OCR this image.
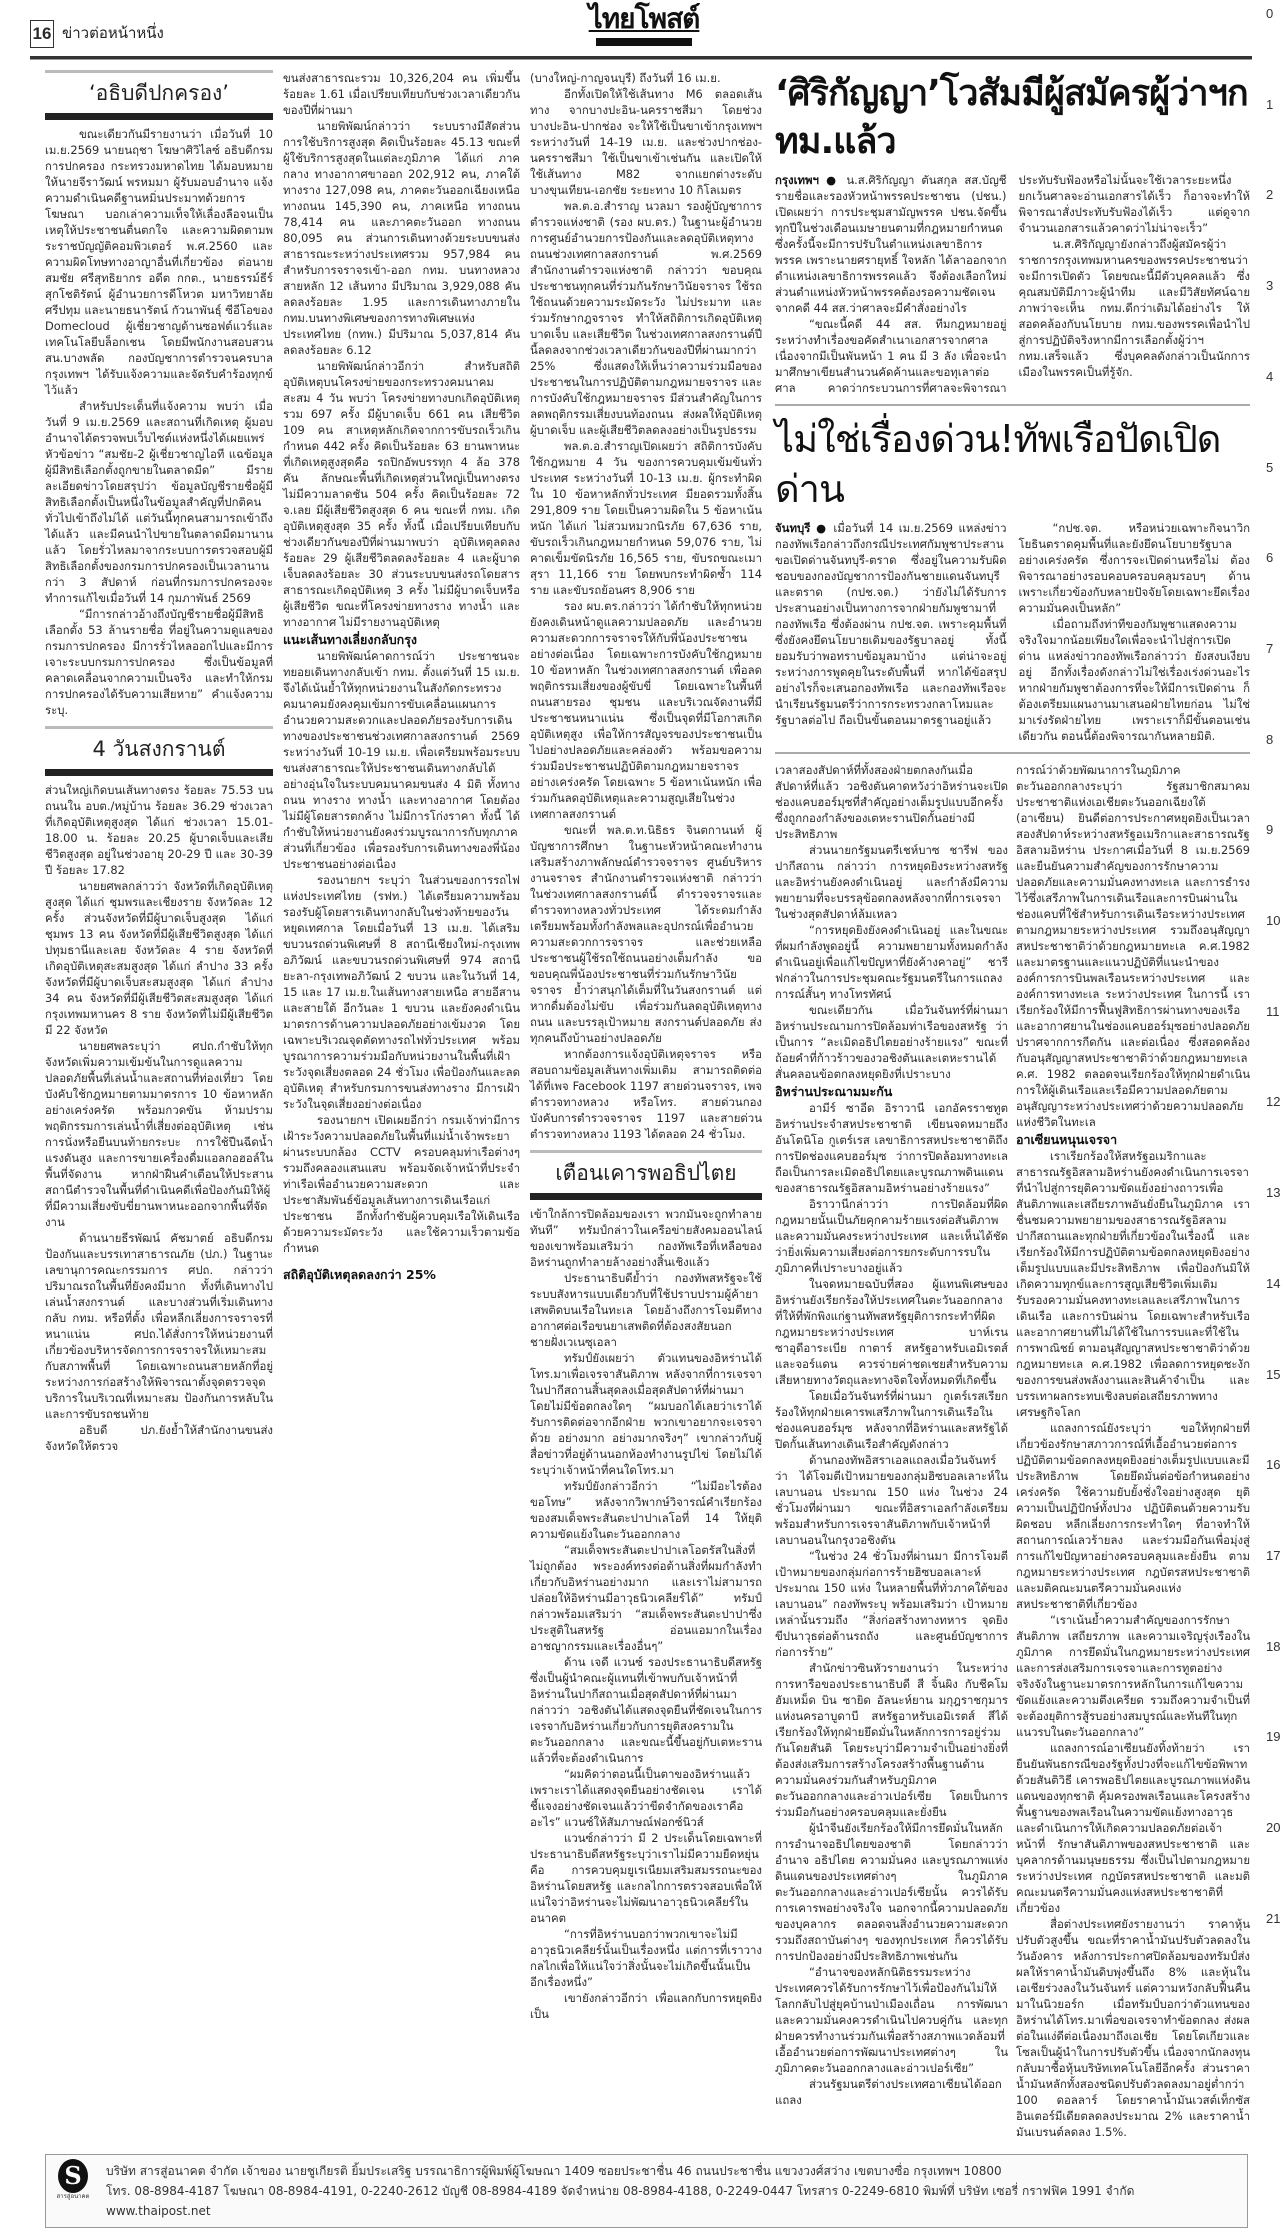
16 ข่าวต่อหน้าหนึ่ง	ไทยโพสต์
‘อธิบดีปกครอง’

ขณะเดียวกันมีรายงานว่า เมื่อวันที่ 10 เม.ย.2569 นายนฤชา โฆษาศิวิไลซ์ อธิบดีกรมการปกครอง กระทรวงมหาดไทย ได้มอบหมายให้นายจีราวัฒน์ พรหมมา ผู้รับมอบอำนาจ แจ้งความดำเนินคดีฐานหมิ่นประมาทด้วยการโฆษณา บอกเล่าความเท็จให้เลื่องลือจนเป็นเหตุให้ประชาชนตื่นตกใจ และความผิดตามพระราชบัญญัติคอมพิวเตอร์ พ.ศ.2560 และความผิดโทษทางอาญาอื่นที่เกี่ยวข้อง ต่อนายสมชัย ศรีสุทธิยากร อดีต กกต., นายธรรม์ธีร์ สุกโชติรัตน์ ผู้อำนวยการดีโหวต มหาวิทยาลัยศรีปทุม และนายธนารัตน์ กัวนาพันธุ์ ซีอีโอของ Domecloud ผู้เชี่ยวชาญด้านซอฟต์แวร์และเทคโนโลยีบล็อกเชน โดยมีพนักงานสอบสวน สน.บางพลัด กองบัญชาการตำรวจนครบาล กรุงเทพฯ ได้รับแจ้งความและจัดรับคำร้องทุกข์ไว้แล้ว

สำหรับประเด็นที่แจ้งความ พบว่า เมื่อวันที่ 9 เม.ย.2569 และสถานที่เกิดเหตุ ผู้มอบอำนาจได้ตรวจพบเว็บไซต์แห่งหนึ่งได้เผยแพร่หัวข้อข่าว “สมชัย-2 ผู้เชี่ยวชาญไอที แฉข้อมูลผู้มีสิทธิเลือกตั้งถูกขายในตลาดมืด” มีรายละเอียดข่าวโดยสรุปว่า ข้อมูลบัญชีรายชื่อผู้มีสิทธิเลือกตั้งเป็นหนึ่งในข้อมูลสำคัญที่ปกติคนทั่วไปเข้าถึงไม่ได้ แต่วันนี้ทุกคนสามารถเข้าถึงได้แล้ว และมีคนนำไปขายในตลาดมืดมานานแล้ว โดยรั่วไหลมาจากระบบการตรวจสอบผู้มีสิทธิเลือกตั้งของกรมการปกครองเป็นเวลานานกว่า 3 สัปดาห์ ก่อนที่กรมการปกครองจะทำการแก้ไขเมื่อวันที่ 14 กุมภาพันธ์ 2569

“มีการกล่าวอ้างถึงบัญชีรายชื่อผู้มีสิทธิเลือกตั้ง 53 ล้านรายชื่อ ที่อยู่ในความดูแลของกรมการปกครอง มีการรั่วไหลออกไปและมีการเจาะระบบกรมการปกครอง ซึ่งเป็นข้อมูลที่คลาดเคลื่อนจากความเป็นจริง และทำให้กรมการปกครองได้รับความเสียหาย” คำแจ้งความระบุ.

4 วันสงกรานต์

ส่วนใหญ่เกิดบนเส้นทางตรง ร้อยละ 75.53 บนถนนใน อบต./หมู่บ้าน ร้อยละ 36.29 ช่วงเวลาที่เกิดอุบัติเหตุสูงสุด ได้แก่ ช่วงเวลา 15.01-18.00 น. ร้อยละ 20.25 ผู้บาดเจ็บและเสียชีวิตสูงสุด อยู่ในช่วงอายุ 20-29 ปี และ 30-39 ปี ร้อยละ 17.82

นายยศพลกล่าวว่า จังหวัดที่เกิดอุบัติเหตุสูงสุด ได้แก่ ชุมพรและเชียงราย จังหวัดละ 12 ครั้ง ส่วนจังหวัดที่มีผู้บาดเจ็บสูงสุด ได้แก่ ชุมพร 13 คน จังหวัดที่มีผู้เสียชีวิตสูงสุด ได้แก่ ปทุมธานีและเลย จังหวัดละ 4 ราย จังหวัดที่เกิดอุบัติเหตุสะสมสูงสุด ได้แก่ ลำปาง 33 ครั้ง จังหวัดที่มีผู้บาดเจ็บสะสมสูงสุด ได้แก่ ลำปาง 34 คน จังหวัดที่มีผู้เสียชีวิตสะสมสูงสุด ได้แก่ กรุงเทพมหานคร 8 ราย จังหวัดที่ไม่มีผู้เสียชีวิต มี 22 จังหวัด

นายยศพลระบุว่า ศปถ.กำชับให้ทุกจังหวัดเพิ่มความเข้มข้นในการดูแลความปลอดภัยพื้นที่เล่นน้ำและสถานที่ท่องเที่ยว โดยบังคับใช้กฎหมายตามมาตรการ 10 ข้อหาหลักอย่างเคร่งครัด พร้อมกวดขัน ห้ามปรามพฤติกรรมการเล่นน้ำที่เสี่ยงต่ออุบัติเหตุ เช่น การนั่งหรือยืนบนท้ายกระบะ การใช้ปืนฉีดน้ำแรงดันสูง และการขายเครื่องดื่มแอลกอฮอล์ในพื้นที่จัดงาน หากฝ่าฝืนคำเตือนให้ประสานสถานีตำรวจในพื้นที่ดำเนินคดีเพื่อป้องกันมิให้ผู้ที่มีความเสี่ยงขับขี่ยานพาหนะออกจากพื้นที่จัดงาน

ด้านนายธีรพัฒน์ คัชมาตย์ อธิบดีกรมป้องกันและบรรเทาสาธารณภัย (ปภ.) ในฐานะเลขานุการคณะกรรมการ ศปถ. กล่าวว่า ปริมาณรถในพื้นที่ยังคงมีมาก ทั้งที่เดินทางไปเล่นน้ำสงกรานต์ และบางส่วนที่เริ่มเดินทางกลับ กทม. หรือที่ตั้ง เพื่อหลีกเลี่ยงการจราจรที่หนาแน่น ศปถ.ได้สั่งการให้หน่วยงานที่เกี่ยวข้องบริหารจัดการการจราจรให้เหมาะสมกับสภาพพื้นที่ โดยเฉพาะถนนสายหลักที่อยู่ระหว่างการก่อสร้างให้พิจารณาตั้งจุดตรวจจุดบริการในบริเวณที่เหมาะสม ป้องกันการหลับในและการขับรถชนท้าย

อธิบดี ปภ.ยังย้ำให้สำนักงานขนส่งจังหวัดให้ตรวจ

ขนส่งสาธารณะรวม 10,326,204 คน เพิ่มขึ้นร้อยละ 1.61 เมื่อเปรียบเทียบกับช่วงเวลาเดียวกันของปีที่ผ่านมา

นายพิพัฒน์กล่าวว่า ระบบรางมีสัดส่วนการใช้บริการสูงสุด คิดเป็นร้อยละ 45.13 ขณะที่ผู้ใช้บริการสูงสุดในแต่ละภูมิภาค ได้แก่ ภาคกลาง ทางอากาศขาออก 202,912 คน, ภาคใต้ ทางราง 127,098 คน, ภาคตะวันออกเฉียงเหนือ ทางถนน 145,390 คน, ภาคเหนือ ทางถนน 78,414 คน และภาคตะวันออก ทางถนน 80,095 คน ส่วนการเดินทางด้วยระบบขนส่งสาธารณะระหว่างประเทศรวม 957,984 คน สำหรับการจราจรเข้า-ออก กทม. บนทางหลวงสายหลัก 12 เส้นทาง มีปริมาณ 3,929,088 คัน ลดลงร้อยละ 1.95 และการเดินทางภายใน กทม.บนทางพิเศษของการทางพิเศษแห่งประเทศไทย (กทพ.) มีปริมาณ 5,037,814 คัน ลดลงร้อยละ 6.12

นายพิพัฒน์กล่าวอีกว่า สำหรับสถิติอุบัติเหตุบนโครงข่ายของกระทรวงคมนาคมสะสม 4 วัน พบว่า โครงข่ายทางบกเกิดอุบัติเหตุรวม 697 ครั้ง มีผู้บาดเจ็บ 661 คน เสียชีวิต 109 คน สาเหตุหลักเกิดจากการขับรถเร็วเกินกำหนด 442 ครั้ง คิดเป็นร้อยละ 63 ยานพาหนะที่เกิดเหตุสูงสุดคือ รถปิกอัพบรรทุก 4 ล้อ 378 คัน ลักษณะพื้นที่เกิดเหตุส่วนใหญ่เป็นทางตรงไม่มีความลาดชัน 504 ครั้ง คิดเป็นร้อยละ 72 จ.เลย มีผู้เสียชีวิตสูงสุด 6 คน ขณะที่ กทม. เกิดอุบัติเหตุสูงสุด 35 ครั้ง ทั้งนี้ เมื่อเปรียบเทียบกับช่วงเดียวกันของปีที่ผ่านมาพบว่า อุบัติเหตุลดลงร้อยละ 29 ผู้เสียชีวิตลดลงร้อยละ 4 และผู้บาดเจ็บลดลงร้อยละ 30 ส่วนระบบขนส่งรถโดยสารสาธารณะเกิดอุบัติเหตุ 3 ครั้ง ไม่มีผู้บาดเจ็บหรือผู้เสียชีวิต ขณะที่โครงข่ายทางราง ทางน้ำ และทางอากาศ ไม่มีรายงานอุบัติเหตุ

แนะเส้นทางเลี่ยงกลับกรุง

นายพิพัฒน์คาดการณ์ว่า ประชาชนจะทยอยเดินทางกลับเข้า กทม. ตั้งแต่วันที่ 15 เม.ย. จึงได้เน้นย้ำให้ทุกหน่วยงานในสังกัดกระทรวงคมนาคมยังคงคุมเข้มการขับเคลื่อนแผนการอำนวยความสะดวกและปลอดภัยรองรับการเดินทางของประชาชนช่วงเทศกาลสงกรานต์ 2569 ระหว่างวันที่ 10-19 เม.ย. เพื่อเตรียมพร้อมระบบขนส่งสาธารณะให้ประชาชนเดินทางกลับได้อย่างอุ่นใจในระบบคมนาคมขนส่ง 4 มิติ ทั้งทางถนน ทางราง ทางน้ำ และทางอากาศ โดยต้องไม่มีผู้โดยสารตกค้าง ไม่มีการโก่งราคา ทั้งนี้ ได้กำชับให้หน่วยงานยังคงร่วมบูรณาการกับทุกภาคส่วนที่เกี่ยวข้อง เพื่อรองรับการเดินทางของพี่น้องประชาชนอย่างต่อเนื่อง

รองนายกฯ ระบุว่า ในส่วนของการรถไฟแห่งประเทศไทย (รฟท.) ได้เตรียมความพร้อมรองรับผู้โดยสารเดินทางกลับในช่วงท้ายของวันหยุดเทศกาล โดยเมื่อวันที่ 13 เม.ย. ได้เสริมขบวนรถด่วนพิเศษที่ 8 สถานีเชียงใหม่-กรุงเทพอภิวัฒน์ และขบวนรถด่วนพิเศษที่ 974 สถานียะลา-กรุงเทพอภิวัฒน์ 2 ขบวน และในวันที่ 14, 15 และ 17 เม.ย.ในเส้นทางสายเหนือ สายอีสานและสายใต้ อีกวันละ 1 ขบวน และยังคงดำเนินมาตรการด้านความปลอดภัยอย่างเข้มงวด โดยเฉพาะบริเวณจุดตัดทางรถไฟทั่วประเทศ พร้อมบูรณาการความร่วมมือกับหน่วยงานในพื้นที่เฝ้าระวังจุดเสี่ยงตลอด 24 ชั่วโมง เพื่อป้องกันและลดอุบัติเหตุ สำหรับกรมการขนส่งทางราง มีการเฝ้าระวังในจุดเสี่ยงอย่างต่อเนื่อง

รองนายกฯ เปิดเผยอีกว่า กรมเจ้าท่ามีการเฝ้าระวังความปลอดภัยในพื้นที่แม่น้ำเจ้าพระยา ผ่านระบบกล้อง CCTV ครอบคลุมท่าเรือต่างๆ รวมถึงคลองแสนแสบ พร้อมจัดเจ้าหน้าที่ประจำท่าเรือเพื่ออำนวยความสะดวก และประชาสัมพันธ์ข้อมูลเส้นทางการเดินเรือแก่ประชาชน อีกทั้งกำชับผู้ควบคุมเรือให้เดินเรือด้วยความระมัดระวัง และใช้ความเร็วตามข้อกำหนด

สถิติอุบัติเหตุลดลงกว่า 25%

(บางใหญ่-กาญจนบุรี) ถึงวันที่ 16 เม.ย.

อีกทั้งเปิดให้ใช้เส้นทาง M6 ตลอดเส้นทาง จากบางปะอิน-นครราชสีมา โดยช่วงบางปะอิน-ปากช่อง จะให้ใช้เป็นขาเข้ากรุงเทพฯ ระหว่างวันที่ 14-19 เม.ย. และช่วงปากช่อง-นครราชสีมา ใช้เป็นขาเข้าเช่นกัน และเปิดให้ใช้เส้นทาง M82 จากแยกต่างระดับบางขุนเทียน-เอกชัย ระยะทาง 10 กิโลเมตร

พล.ต.อ.สำราญ นวลมา รองผู้บัญชาการตำรวจแห่งชาติ (รอง ผบ.ตร.) ในฐานะผู้อำนวยการศูนย์อำนวยการป้องกันและลดอุบัติเหตุทางถนนช่วงเทศกาลสงกรานต์ พ.ศ.2569 สำนักงานตำรวจแห่งชาติ กล่าวว่า ขอบคุณประชาชนทุกคนที่ร่วมกันรักษาวินัยจราจร ใช้รถใช้ถนนด้วยความระมัดระวัง ไม่ประมาท และร่วมรักษากฎจราจร ทำให้สถิติการเกิดอุบัติเหตุ บาดเจ็บ และเสียชีวิต ในช่วงเทศกาลสงกรานต์ปีนี้ลดลงจากช่วงเวลาเดียวกันของปีที่ผ่านมากว่า 25% ซึ่งแสดงให้เห็นว่าความร่วมมือของประชาชนในการปฏิบัติตามกฎหมายจราจร และการบังคับใช้กฎหมายจราจร มีส่วนสำคัญในการลดพฤติกรรมเสี่ยงบนท้องถนน ส่งผลให้อุบัติเหตุ ผู้บาดเจ็บ และผู้เสียชีวิตลดลงอย่างเป็นรูปธรรม

พล.ต.อ.สำราญเปิดเผยว่า สถิติการบังคับใช้กฎหมาย 4 วัน ของการควบคุมเข้มข้นทั่วประเทศ ระหว่างวันที่ 10-13 เม.ย. ผู้กระทำผิดใน 10 ข้อหาหลักทั่วประเทศ มียอดรวมทั้งสิ้น 291,809 ราย โดยเป็นความผิดใน 5 ข้อหาเน้นหนัก ได้แก่ ไม่สวมหมวกนิรภัย 67,636 ราย, ขับรถเร็วเกินกฎหมายกำหนด 59,076 ราย, ไม่คาดเข็มขัดนิรภัย 16,565 ราย, ขับรถขณะเมาสุรา 11,166 ราย โดยพบกระทำผิดซ้ำ 114 ราย และขับรถย้อนศร 8,906 ราย

รอง ผบ.ตร.กล่าวว่า ได้กำชับให้ทุกหน่วยยังคงเดินหน้าดูแลความปลอดภัย และอำนวยความสะดวกการจราจรให้กับพี่น้องประชาชนอย่างต่อเนื่อง โดยเฉพาะการบังคับใช้กฎหมาย 10 ข้อหาหลัก ในช่วงเทศกาลสงกรานต์ เพื่อลดพฤติกรรมเสี่ยงของผู้ขับขี่ โดยเฉพาะในพื้นที่ถนนสายรอง ชุมชน และบริเวณจัดงานที่มีประชาชนหนาแน่น ซึ่งเป็นจุดที่มีโอกาสเกิดอุบัติเหตุสูง เพื่อให้การสัญจรของประชาชนเป็นไปอย่างปลอดภัยและคล่องตัว พร้อมขอความร่วมมือประชาชนปฏิบัติตามกฎหมายจราจรอย่างเคร่งครัด โดยเฉพาะ 5 ข้อหาเน้นหนัก เพื่อร่วมกันลดอุบัติเหตุและความสูญเสียในช่วงเทศกาลสงกรานต์

ขณะที่ พล.ต.ท.นิธิธร จินตกานนท์ ผู้บัญชาการศึกษา ในฐานะหัวหน้าคณะทำงานเสริมสร้างภาพลักษณ์ตำรวจจราจร ศูนย์บริหารงานจราจร สำนักงานตำรวจแห่งชาติ กล่าวว่า ในช่วงเทศกาลสงกรานต์นี้ ตำรวจจราจรและตำรวจทางหลวงทั่วประเทศ ได้ระดมกำลังเตรียมพร้อมทั้งกำลังพลและอุปกรณ์เพื่ออำนวยความสะดวกการจราจร และช่วยเหลือประชาชนผู้ใช้รถใช้ถนนอย่างเต็มกำลัง ขอขอบคุณพี่น้องประชาชนที่ร่วมกันรักษาวินัยจราจร ย้ำว่าสนุกได้เต็มที่ในวันสงกรานต์ แต่หากดื่มต้องไม่ขับ เพื่อร่วมกันลดอุบัติเหตุทางถนน และบรรลุเป้าหมาย สงกรานต์ปลอดภัย ส่งทุกคนถึงบ้านอย่างปลอดภัย

หากต้องการแจ้งอุบัติเหตุจราจร หรือสอบถามข้อมูลเส้นทางเพิ่มเติม สามารถติดต่อได้ที่เพจ Facebook 1197 สายด่วนจราจร, เพจตำรวจทางหลวง หรือโทร. สายด่วนกองบังคับการตำรวจจราจร 1197 และสายด่วนตำรวจทางหลวง 1193 ได้ตลอด 24 ชั่วโมง.

เตือนเคารพอธิปไตย

เข้าใกล้การปิดล้อมของเรา พวกมันจะถูกทำลายทันที” ทรัมป์กล่าวในเครือข่ายสังคมออนไลน์ของเขาพร้อมเสริมว่า กองทัพเรือที่เหลือของอิหร่านถูกทำลายล้างอย่างสิ้นเชิงแล้ว

ประธานาธิบดีย้ำว่า กองทัพสหรัฐจะใช้ระบบสังหารแบบเดียวกับที่ใช้ปราบปรามผู้ค้ายาเสพติดบนเรือในทะเล โดยอ้างถึงการโจมตีทางอากาศต่อเรือขนยาเสพติดที่ต้องสงสัยนอกชายฝั่งเวเนซุเอลา

ทรัมป์ยังเผยว่า ตัวแทนของอิหร่านได้โทร.มาเพื่อเจรจาสันติภาพ หลังจากที่การเจรจาในปากีสถานสิ้นสุดลงเมื่อสุดสัปดาห์ที่ผ่านมาโดยไม่มีข้อตกลงใดๆ “ผมบอกได้เลยว่าเราได้รับการติดต่อจากอีกฝ่าย พวกเขาอยากจะเจรจาด้วย อย่างมาก อย่างมากจริงๆ” เขากล่าวกับผู้สื่อข่าวที่อยู่ด้านนอกห้องทำงานรูปไข่ โดยไม่ได้ระบุว่าเจ้าหน้าที่คนใดโทร.มา

ทรัมป์ยังกล่าวอีกว่า “ไม่มีอะไรต้องขอโทษ” หลังจากวิพากษ์วิจารณ์คำเรียกร้องของสมเด็จพระสันตะปาปาเลโอที่ 14 ให้ยุติความขัดแย้งในตะวันออกกลาง

“สมเด็จพระสันตะปาปาเลโอตรัสในสิ่งที่ไม่ถูกต้อง พระองค์ทรงต่อต้านสิ่งที่ผมกำลังทำเกี่ยวกับอิหร่านอย่างมาก และเราไม่สามารถปล่อยให้อิหร่านมีอาวุธนิวเคลียร์ได้” ทรัมป์กล่าวพร้อมเสริมว่า “สมเด็จพระสันตะปาปาซึ่งประสูติในสหรัฐ อ่อนแอมากในเรื่องอาชญากรรมและเรื่องอื่นๆ”

ด้าน เจดี แวนซ์ รองประธานาธิบดีสหรัฐ ซึ่งเป็นผู้นำคณะผู้แทนที่เข้าพบกับเจ้าหน้าที่อิหร่านในปากีสถานเมื่อสุดสัปดาห์ที่ผ่านมา กล่าวว่า วอชิงตันได้แสดงจุดยืนที่ชัดเจนในการเจรจากับอิหร่านเกี่ยวกับการยุติสงครามในตะวันออกกลาง และขณะนี้ขึ้นอยู่กับเตหะรานแล้วที่จะต้องดำเนินการ

“ผมคิดว่าตอนนี้เป็นตาของอิหร่านแล้ว เพราะเราได้แสดงจุดยืนอย่างชัดเจน เราได้ชี้แจงอย่างชัดเจนแล้วว่าขีดจำกัดของเราคืออะไร” แวนซ์ให้สัมภาษณ์ฟอกซ์นิวส์

แวนซ์กล่าวว่า มี 2 ประเด็นโดยเฉพาะที่ประธานาธิบดีสหรัฐระบุว่าเราไม่มีความยืดหยุ่น คือ การควบคุมยูเรเนียมเสริมสมรรถนะของอิหร่านโดยสหรัฐ และกลไกการตรวจสอบเพื่อให้แน่ใจว่าอิหร่านจะไม่พัฒนาอาวุธนิวเคลียร์ในอนาคต

“การที่อิหร่านบอกว่าพวกเขาจะไม่มีอาวุธนิวเคลียร์นั้นเป็นเรื่องหนึ่ง แต่การที่เราวางกลไกเพื่อให้แน่ใจว่าสิ่งนั้นจะไม่เกิดขึ้นนั้นเป็นอีกเรื่องหนึ่ง”

เขายังกล่าวอีกว่า เพื่อแลกกับการหยุดยิงเป็น

‘ศิริกัญญา’โวสัมมีผู้สมัครผู้ว่าฯกทม.แล้ว

กรุงเทพฯ ● น.ส.ศิริกัญญา ตันสกุล สส.บัญชีรายชื่อและรองหัวหน้าพรรคประชาชน (ปชน.) เปิดเผยว่า การประชุมสามัญพรรค ปชน.จัดขึ้นทุกปีในช่วงเดือนเมษายนตามที่กฎหมายกำหนด ซึ่งครั้งนี้จะมีการปรับในตำแหน่งเลขาธิการพรรค เพราะนายศรายุทธิ์ ใจหลัก ได้ลาออกจากตำแหน่งเลขาธิการพรรคแล้ว จึงต้องเลือกใหม่ ส่วนตำแหน่งหัวหน้าพรรคต้องรอความชัดเจนจากคดี 44 สส.ว่าศาลจะมีคำสั่งอย่างไร

“ขณะนี้คดี 44 สส. ทีมกฎหมายอยู่ระหว่างทำเรื่องขอคัดสำเนาเอกสารจากศาล เนื่องจากมีเป็นพันหน้า 1 คน มี 3 ลัง เพื่อจะนำมาศึกษาเขียนสำนวนคัดค้านและขอทุเลาต่อศาล คาดว่ากระบวนการที่ศาลจะพิจารณาประทับรับฟ้องหรือไม่นั้นจะใช้เวลาระยะหนึ่ง ยกเว้นศาลจะอ่านเอกสารได้เร็ว ก็อาจจะทำให้พิจารณาสั่งประทับรับฟ้องได้เร็ว แต่ดูจากจำนวนเอกสารแล้วคาดว่าไม่น่าจะเร็ว”

น.ส.ศิริกัญญายังกล่าวถึงผู้สมัครผู้ว่าราชการกรุงเทพมหานครของพรรคประชาชนว่า จะมีการเปิดตัว โดยขณะนี้มีตัวบุคคลแล้ว ซึ่งคุณสมบัติมีภาวะผู้นำทีม และมีวิสัยทัศน์ฉายภาพว่าจะเห็น กทม.ดีกว่าเดิมได้อย่างไร ให้สอดคล้องกับนโยบาย กทม.ของพรรคเพื่อนำไปสู่การปฏิบัติจริงหากมีการเลือกตั้งผู้ว่าฯ กทม.เสร็จแล้ว ซึ่งบุคคลดังกล่าวเป็นนักการเมืองในพรรคเป็นที่รู้จัก.

ไม่ใช่เรื่องด่วน!ทัพเรือปัดเปิดด่าน

จันทบุรี ● เมื่อวันที่ 14 เม.ย.2569 แหล่งข่าวกองทัพเรือกล่าวถึงกรณีประเทศกัมพูชาประสานขอเปิดด่านจันทบุรี-ตราด ซึ่งอยู่ในความรับผิดชอบของกองบัญชาการป้องกันชายแดนจันทบุรีและตราด (กปช.จต.) ว่ายังไม่ได้รับการประสานอย่างเป็นทางการจากฝ่ายกัมพูชามาที่กองทัพเรือ ซึ่งต้องผ่าน กปช.จต. เพราะคุมพื้นที่ ซึ่งยังคงยึดนโยบายเดิมของรัฐบาลอยู่ ทั้งนี้ยอมรับว่าพอทราบข้อมูลมาบ้าง แต่น่าจะอยู่ระหว่างการพูดคุยในระดับพื้นที่ หากได้ข้อสรุปอย่างไรก็จะเสนอกองทัพเรือ และกองทัพเรือจะนำเรียนรัฐมนตรีว่าการกระทรวงกลาโหมและรัฐบาลต่อไป ถือเป็นขั้นตอนมาตรฐานอยู่แล้ว

“กปช.จต. หรือหน่วยเฉพาะกิจนาวิกโยธินตราดคุมพื้นที่และยังยึดนโยบายรัฐบาลอย่างเคร่งครัด ซึ่งการจะเปิดด่านหรือไม่ ต้องพิจารณาอย่างรอบคอบครอบคลุมรอบๆ ด้าน เพราะเกี่ยวข้องกับหลายปัจจัยโดยเฉพาะยึดเรื่องความมั่นคงเป็นหลัก”

เมื่อถามถึงท่าทีของกัมพูชาแสดงความจริงใจมากน้อยเพียงใดเพื่อจะนำไปสู่การเปิดด่าน แหล่งข่าวกองทัพเรือกล่าวว่า ยังสงบเงียบอยู่ อีกทั้งเรื่องดังกล่าวไม่ใช่เรื่องเร่งด่วนอะไร หากฝ่ายกัมพูชาต้องการที่จะให้มีการเปิดด่าน ก็ต้องเตรียมแผนงานมาเสนอฝ่ายไทยก่อน ไม่ใช่มาเร่งรัดฝ่ายไทย เพราะเราก็มีขั้นตอนเช่นเดียวกัน ตอนนี้ต้องพิจารณากันหลายมิติ.

เวลาสองสัปดาห์ที่ทั้งสองฝ่ายตกลงกันเมื่อสัปดาห์ที่แล้ว วอชิงตันคาดหวังว่าอิหร่านจะเปิดช่องแคบฮอร์มุซที่สำคัญอย่างเต็มรูปแบบอีกครั้ง ซึ่งถูกกองกำลังของเตหะรานปิดกั้นอย่างมีประสิทธิภาพ

ส่วนนายกรัฐมนตรีเชห์บาซ ชารีฟ ของปากีสถาน กล่าวว่า การหยุดยิงระหว่างสหรัฐและอิหร่านยังคงดำเนินอยู่ และกำลังมีความพยายามที่จะบรรลุข้อตกลงหลังจากที่การเจรจาในช่วงสุดสัปดาห์ล้มเหลว

“การหยุดยิงยังคงดำเนินอยู่ และในขณะที่ผมกำลังพูดอยู่นี้ ความพยายามทั้งหมดกำลังดำเนินอยู่เพื่อแก้ไขปัญหาที่ยังค้างคาอยู่” ชารีฟกล่าวในการประชุมคณะรัฐมนตรีในการแถลงการณ์สั้นๆ ทางโทรทัศน์

ขณะเดียวกัน เมื่อวันจันทร์ที่ผ่านมา อิหร่านประณามการปิดล้อมท่าเรือของสหรัฐ ว่าเป็นการ “ละเมิดอธิปไตยอย่างร้ายแรง” ขณะที่ถ้อยคำที่ก้าวร้าวของวอชิงตันและเตหะรานได้สั่นคลอนข้อตกลงหยุดยิงที่เปราะบาง

อิหร่านประณามมะกัน

อามีร์ ซาอีด อิราวานี เอกอัครราชทูตอิหร่านประจำสหประชาชาติ เขียนจดหมายถึงอันโตนิโอ กูเตร์เรส เลขาธิการสหประชาชาติถึงการปิดช่องแคบฮอร์มุซ ว่าการปิดล้อมทางทะเลถือเป็นการละเมิดอธิปไตยและบูรณภาพดินแดนของสาธารณรัฐอิสลามอิหร่านอย่างร้ายแรง”

อิราวานีกล่าวว่า การปิดล้อมที่ผิดกฎหมายนั้นเป็นภัยคุกคามร้ายแรงต่อสันติภาพและความมั่นคงระหว่างประเทศ และเห็นได้ชัดว่ายิ่งเพิ่มความเสี่ยงต่อการยกระดับการรบในภูมิภาคที่เปราะบางอยู่แล้ว

ในจดหมายฉบับที่สอง ผู้แทนพิเศษของอิหร่านยังเรียกร้องให้ประเทศในตะวันออกกลางที่ให้ที่พักพิงแก่ฐานทัพสหรัฐยุติการกระทำที่ผิดกฎหมายระหว่างประเทศ บาห์เรน ซาอุดีอาระเบีย กาตาร์ สหรัฐอาหรับเอมิเรตส์ และจอร์แดน ควรจ่ายค่าชดเชยสำหรับความเสียหายทางวัตถุและทางจิตใจทั้งหมดที่เกิดขึ้น

โดยเมื่อวันจันทร์ที่ผ่านมา กูเตร์เรสเรียกร้องให้ทุกฝ่ายเคารพเสรีภาพในการเดินเรือในช่องแคบฮอร์มุซ หลังจากที่อิหร่านและสหรัฐได้ปิดกั้นเส้นทางเดินเรือสำคัญดังกล่าว

ด้านกองทัพอิสราเอลแถลงเมื่อวันจันทร์ว่า ได้โจมตีเป้าหมายของกลุ่มฮิซบอลเลาะห์ในเลบานอน ประมาณ 150 แห่ง ในช่วง 24 ชั่วโมงที่ผ่านมา ขณะที่อิสราเอลกำลังเตรียมพร้อมสำหรับการเจรจาสันติภาพกับเจ้าหน้าที่เลบานอนในกรุงวอชิงตัน

“ในช่วง 24 ชั่วโมงที่ผ่านมา มีการโจมตีเป้าหมายของกลุ่มก่อการร้ายฮิซบอลเลาะห์ประมาณ 150 แห่ง ในหลายพื้นที่ทั่วภาคใต้ของเลบานอน” กองทัพระบุ พร้อมเสริมว่า เป้าหมายเหล่านั้นรวมถึง “สิ่งก่อสร้างทางทหาร จุดยิงขีปนาวุธต่อต้านรถถัง และศูนย์บัญชาการก่อการร้าย”

สำนักข่าวซินหัวรายงานว่า ในระหว่างการหารือของประธานาธิบดี สี จิ้นผิง กับชีคโมฮัมเหม็ด บิน ซายิด อัลนะห์ยาน มกุฎราชกุมารแห่งนครอาบูดาบี สหรัฐอาหรับเอมิเรตส์ สีได้เรียกร้องให้ทุกฝ่ายยึดมั่นในหลักการการอยู่ร่วมกันโดยสันติ โดยระบุว่ามีความจำเป็นอย่างยิ่งที่ต้องส่งเสริมการสร้างโครงสร้างพื้นฐานด้านความมั่นคงร่วมกันสำหรับภูมิภาคตะวันออกกลางและอ่าวเปอร์เซีย โดยเป็นการร่วมมือกันอย่างครอบคลุมและยั่งยืน

ผู้นำจีนยังเรียกร้องให้มีการยึดมั่นในหลักการอำนาจอธิปไตยของชาติ โดยกล่าวว่า อำนาจ อธิปไตย ความมั่นคง และบูรณภาพแห่งดินแดนของประเทศต่างๆ ในภูมิภาคตะวันออกกลางและอ่าวเปอร์เซียนั้น ควรได้รับการเคารพอย่างจริงใจ นอกจากนี้ความปลอดภัยของบุคลากร ตลอดจนสิ่งอำนวยความสะดวก รวมถึงสถาบันต่างๆ ของทุกประเทศ ก็ควรได้รับการปกป้องอย่างมีประสิทธิภาพเช่นกัน

“อำนาจของหลักนิติธรรมระหว่างประเทศควรได้รับการรักษาไว้เพื่อป้องกันไม่ให้โลกกลับไปสู่ยุคบ้านป่าเมืองเถื่อน การพัฒนาและความมั่นคงควรดำเนินไปควบคู่กัน และทุกฝ่ายควรทำงานร่วมกันเพื่อสร้างสภาพแวดล้อมที่เอื้ออำนวยต่อการพัฒนาประเทศต่างๆ ในภูมิภาคตะวันออกกลางและอ่าวเปอร์เซีย”

ส่วนรัฐมนตรีต่างประเทศอาเซียนได้ออกแถลง

การณ์ว่าด้วยพัฒนาการในภูมิภาคตะวันออกกลางระบุว่า รัฐสมาชิกสมาคมประชาชาติแห่งเอเชียตะวันออกเฉียงใต้ (อาเซียน) ยินดีต่อการประกาศหยุดยิงเป็นเวลาสองสัปดาห์ระหว่างสหรัฐอเมริกาและสาธารณรัฐอิสลามอิหร่าน ประกาศเมื่อวันที่ 8 เม.ย.2569 และยืนยันความสำคัญของการรักษาความปลอดภัยและความมั่นคงทางทะเล และการธำรงไว้ซึ่งเสรีภาพในการเดินเรือและการบินผ่านในช่องแคบที่ใช้สำหรับการเดินเรือระหว่างประเทศ ตามกฎหมายระหว่างประเทศ รวมถึงอนุสัญญาสหประชาชาติว่าด้วยกฎหมายทะเล ค.ศ.1982 และมาตรฐานและแนวปฏิบัติที่แนะนำขององค์การการบินพลเรือนระหว่างประเทศ และองค์การทางทะเล ระหว่างประเทศ ในการนี้ เราเรียกร้องให้มีการฟื้นฟูสิทธิการผ่านทางของเรือและอากาศยานในช่องแคบฮอร์มุซอย่างปลอดภัย ปราศจากการกีดกัน และต่อเนื่อง ซึ่งสอดคล้องกับอนุสัญญาสหประชาชาติว่าด้วยกฎหมายทะเล ค.ศ. 1982 ตลอดจนเรียกร้องให้ทุกฝ่ายดำเนินการให้ผู้เดินเรือและเรือมีความปลอดภัยตามอนุสัญญาระหว่างประเทศว่าด้วยความปลอดภัยแห่งชีวิตในทะเล

อาเซียนหนุนเจรจา

เราเรียกร้องให้สหรัฐอเมริกาและสาธารณรัฐอิสลามอิหร่านยังคงดำเนินการเจรจาที่นำไปสู่การยุติความขัดแย้งอย่างถาวรเพื่อสันติภาพและเสถียรภาพอันยั่งยืนในภูมิภาค เราชื่นชมความพยายามของสาธารณรัฐอิสลามปากีสถานและทุกฝ่ายที่เกี่ยวข้องในเรื่องนี้ และเรียกร้องให้มีการปฏิบัติตามข้อตกลงหยุดยิงอย่างเต็มรูปแบบและมีประสิทธิภาพ เพื่อป้องกันมิให้เกิดความทุกข์และการสูญเสียชีวิตเพิ่มเติม รับรองความมั่นคงทางทะเลและเสรีภาพในการเดินเรือ และการบินผ่าน โดยเฉพาะสำหรับเรือและอากาศยานที่ไม่ได้ใช้ในการรบและที่ใช้ในการพาณิชย์ ตามอนุสัญญาสหประชาชาติว่าด้วยกฎหมายทะเล ค.ศ.1982 เพื่อลดการหยุดชะงักของการขนส่งพลังงานและสินค้าจำเป็น และบรรเทาผลกระทบเชิงลบต่อเสถียรภาพทางเศรษฐกิจโลก

แถลงการณ์ยังระบุว่า ขอให้ทุกฝ่ายที่เกี่ยวข้องรักษาสภาวการณ์ที่เอื้ออำนวยต่อการปฏิบัติตามข้อตกลงหยุดยิงอย่างเต็มรูปแบบและมีประสิทธิภาพ โดยยึดมั่นต่อข้อกำหนดอย่างเคร่งครัด ใช้ความยับยั้งชั่งใจอย่างสูงสุด ยุติความเป็นปฏิปักษ์ทั้งปวง ปฏิบัติตนด้วยความรับผิดชอบ หลีกเลี่ยงการกระทำใดๆ ที่อาจทำให้สถานการณ์เลวร้ายลง และร่วมมือกันเพื่อมุ่งสู่การแก้ไขปัญหาอย่างครอบคลุมและยั่งยืน ตามกฎหมายระหว่างประเทศ กฎบัตรสหประชาชาติ และมติคณะมนตรีความมั่นคงแห่งสหประชาชาติที่เกี่ยวข้อง

“เราเน้นย้ำความสำคัญของการรักษาสันติภาพ เสถียรภาพ และความเจริญรุ่งเรืองในภูมิภาค การยึดมั่นในกฎหมายระหว่างประเทศ และการส่งเสริมการเจรจาและการทูตอย่างจริงจังในฐานะมาตรการหลักในการแก้ไขความขัดแย้งและความตึงเครียด รวมถึงความจำเป็นที่จะต้องยุติการสู้รบอย่างสมบูรณ์และทันทีในทุกแนวรบในตะวันออกกลาง”

แถลงการณ์อาเซียนยังทิ้งท้ายว่า เรายืนยันพันธกรณีของรัฐทั้งปวงที่จะแก้ไขข้อพิพาทด้วยสันติวิธี เคารพอธิปไตยและบูรณภาพแห่งดินแดนของทุกชาติ คุ้มครองพลเรือนและโครงสร้างพื้นฐานของพลเรือนในความขัดแย้งทางอาวุธและดำเนินการให้เกิดความปลอดภัยต่อเจ้าหน้าที่ รักษาสันติภาพของสหประชาชาติ และบุคลากรด้านมนุษยธรรม ซึ่งเป็นไปตามกฎหมายระหว่างประเทศ กฎบัตรสหประชาชาติ และมติคณะมนตรีความมั่นคงแห่งสหประชาชาติที่เกี่ยวข้อง

สื่อต่างประเทศยังรายงานว่า ราคาหุ้นปรับตัวสูงขึ้น ขณะที่ราคาน้ำมันปรับตัวลดลงในวันอังคาร หลังการประกาศปิดล้อมของทรัมป์ส่งผลให้ราคาน้ำมันดิบพุ่งขึ้นถึง 8% และหุ้นในเอเชียร่วงลงในวันจันทร์ แต่ความหวังกลับฟื้นคืนมาในนิวยอร์ก เมื่อทรัมป์บอกว่าตัวแทนของอิหร่านได้โทร.มาเพื่อขอเจรจาทำข้อตกลง ส่งผลต่อในแง่ดีต่อเนื่องมาถึงเอเชีย โดยโตเกียวและโซลเป็นผู้นำในการปรับตัวขึ้น เนื่องจากนักลงทุนกลับมาซื้อหุ้นบริษัทเทคโนโลยีอีกครั้ง ส่วนราคาน้ำมันหลักทั้งสองชนิดปรับตัวลดลงมาอยู่ต่ำกว่า 100 ดอลลาร์ โดยราคาน้ำมันเวสต์เท็กซัสอินเตอร์มีเดียตลดลงประมาณ 2% และราคาน้ำมันเบรนต์ลดลง 1.5%.

S
สารสู่อนาคต
บริษัท สารสู่อนาคต จำกัด เจ้าของ นายชูเกียรติ ยิ้มประเสริฐ บรรณาธิการผู้พิมพ์ผู้โฆษณา 1409 ซอยประชาชื่น 46 ถนนประชาชื่น แขวงวงศ์สว่าง เขตบางซื่อ กรุงเทพฯ 10800
โทร. 08-8984-4187 โฆษณา 08-8984-4191, 0-2240-2612 บัญชี 08-8984-4189 จัดจำหน่าย 08-8984-4188, 0-2249-0447 โทรสาร 0-2249-6810 พิมพ์ที่ บริษัท เซอรี่ กราฟฟิค 1991 จำกัด www.thaipost.net
0
1
2
3
4
5
6
7
8
9
10
11
12
13
14
15
16
17
18
19
20
21
